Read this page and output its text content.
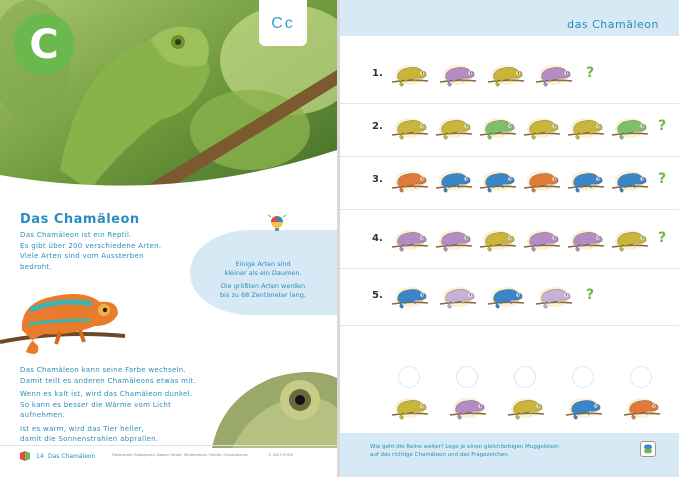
C	Cc
Das Chamäleon
Das Chamäleon ist ein Reptil.
Es gibt über 200 verschiedene Arten.
Viele Arten sind vom Aussterben
bedroht.	Einige Arten sind
kleiner als ein Daumen.
Die größten Arten werden
bis zu 68 Zentimeter lang.
Das Chamäleon kann seine Farbe wechseln.
Damit teilt es anderen Chamäleons etwas mit.
Wenn es kalt ist, wird das Chamäleon dunkel.
So kann es besser die Wärme vom Licht
aufnehmen.
Ist es warm, wird das Tier heller,
damit die Sonnenstrahlen abprallen.
14 Das Chamäleon	Fotocredits: Bildagentur Zoonar GmbH, Shutterstock, Fotolia / Illustrationen	© 2020 PONS
das Chamäleon
1.	?
2.	?
3.	?
4.	?
5.	?
Wie geht die Reihe weiter? Lege je einen gleichfarbigen Muggelstein
auf das richtige Chamäleon und das Fragezeichen.
